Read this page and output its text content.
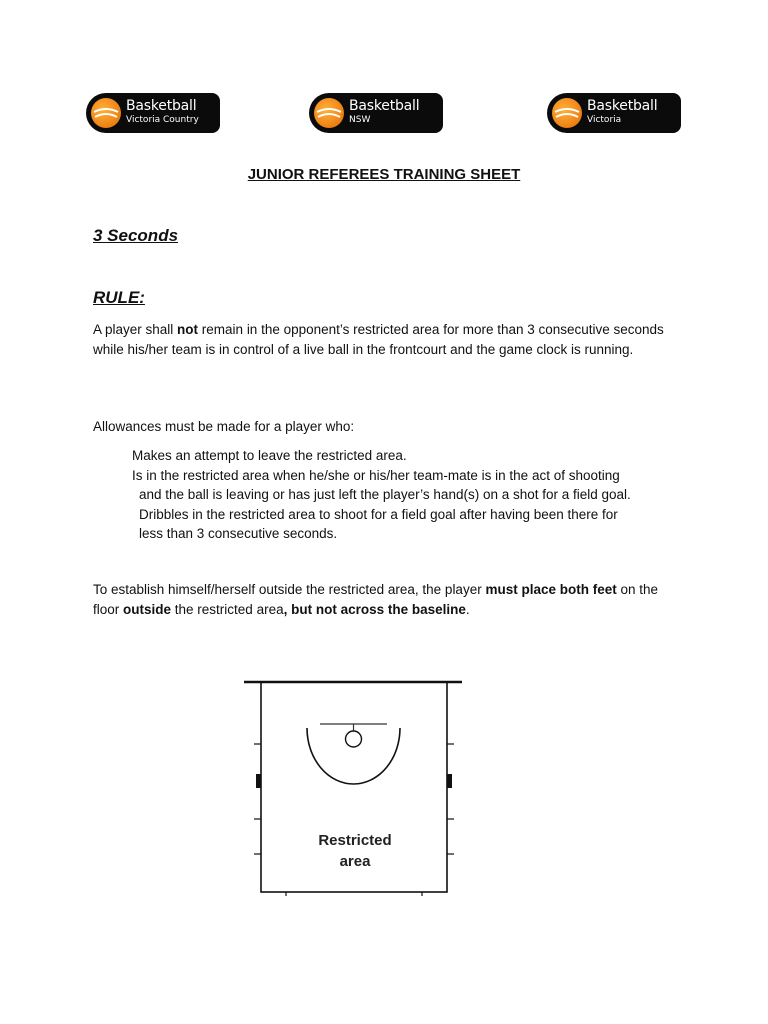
Basketball
Victoria Country
Basketball
NSW
Basketball
Victoria
JUNIOR REFEREES TRAINING SHEET
3 Seconds
RULE:
A player shall not remain in the opponent’s restricted area for more than 3 consecutive seconds while his/her team is in control of a live ball in the frontcourt and the game clock is running.
Allowances must be made for a player who:
Makes an attempt to leave the restricted area.
Is in the restricted area when he/she or his/her team-mate is in the act of shooting
and the ball is leaving or has just left the player’s hand(s) on a shot for a field goal.
Dribbles in the restricted area to shoot for a field goal after having been there for
less than 3 consecutive seconds.
To establish himself/herself outside the restricted area, the player must place both feet on the floor outside the restricted area, but not across the baseline.
Restricted
area
